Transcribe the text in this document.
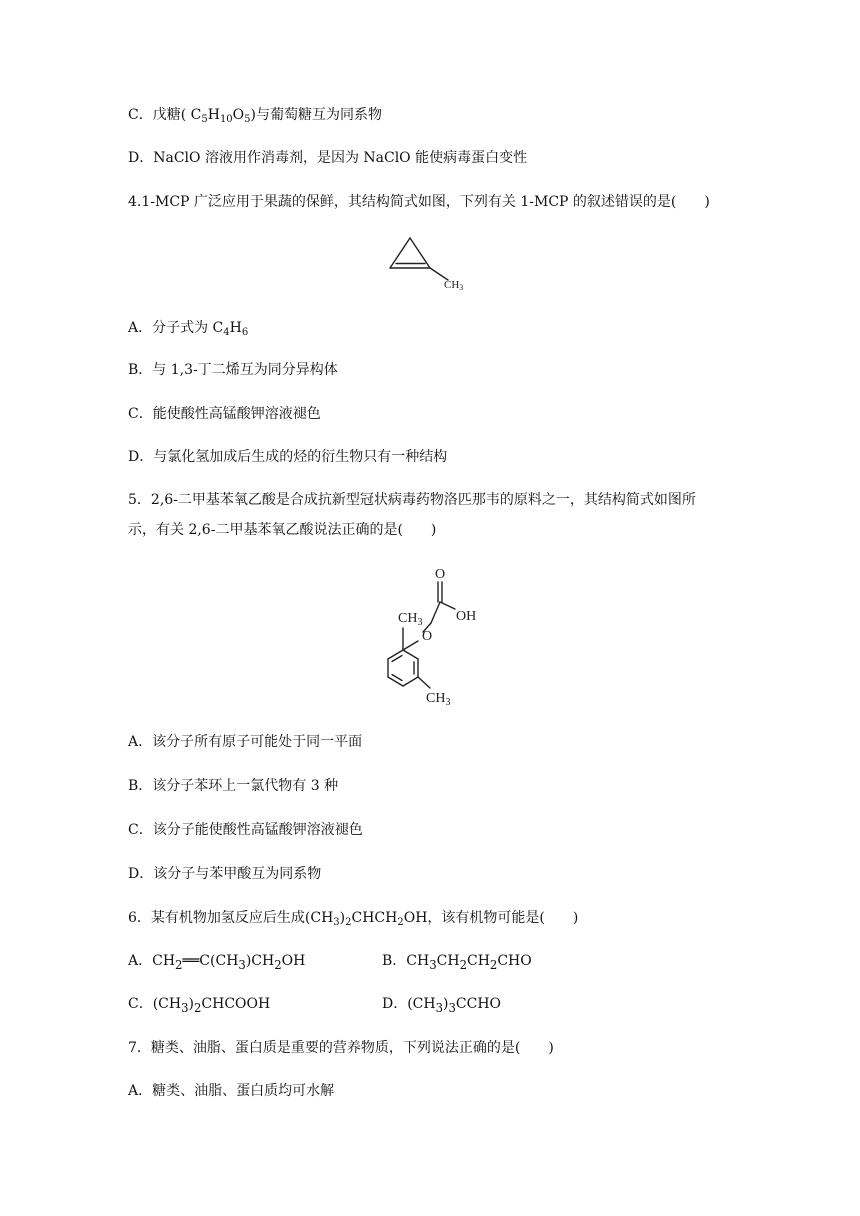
C．戊糖( $C_5H_{10}O_5$)与葡萄糖互为同系物
D．NaClO 溶液用作消毒剂，是因为 NaClO 能使病毒蛋白变性
4.1-MCP 广泛应用于果蔬的保鲜，其结构简式如图，下列有关 1-MCP 的叙述错误的是(　　)
CH3
A．分子式为 $C_4H_6$
B．与 1,3-丁二烯互为同分异构体
C．能使酸性高锰酸钾溶液褪色
D．与氯化氢加成后生成的烃的衍生物只有一种结构
5．2,6-二甲基苯氧乙酸是合成抗新型冠状病毒药物洛匹那韦的原料之一，其结构简式如图所
示，有关 2,6-二甲基苯氧乙酸说法正确的是(　　)
O
OH
O
$CH_3$
$CH_3$
A．该分子所有原子可能处于同一平面
B．该分子苯环上一氯代物有 3 种
C．该分子能使酸性高锰酸钾溶液褪色
D．该分子与苯甲酸互为同系物
6．某有机物加氢反应后生成$(CH_3)_2CHCH_2OH$，该有机物可能是(　　)
A．$CH_2══C(CH_3)CH_2OH$	B．$CH_3CH_2CH_2CHO$
C．$(CH_3)_2CHCOOH$	D．$(CH_3)_3CCHO$
7．糖类、油脂、蛋白质是重要的营养物质，下列说法正确的是(　　)
A．糖类、油脂、蛋白质均可水解
